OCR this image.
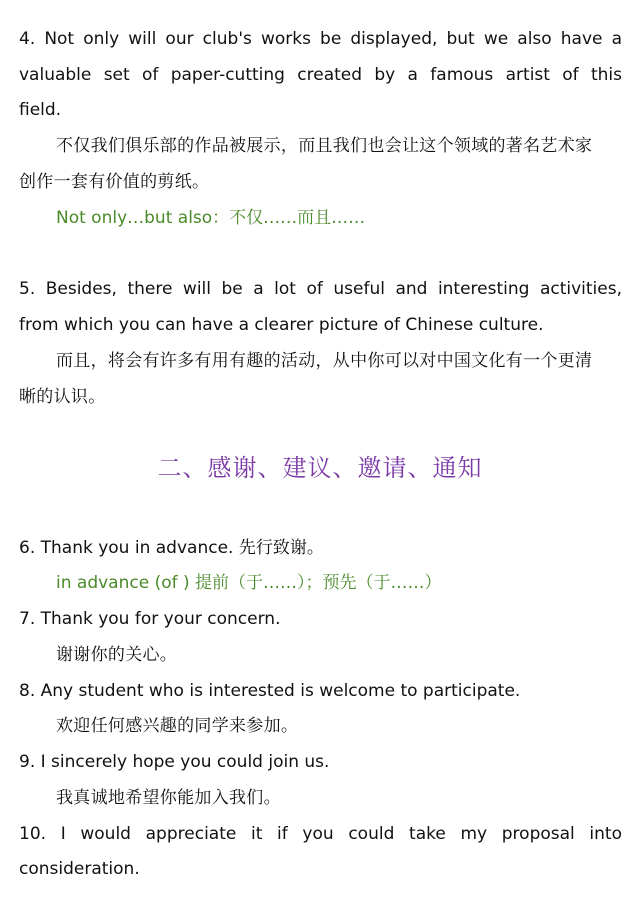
4. Not only will our club's works be displayed, but we also have a
valuable set of paper-cutting created by a famous artist of this
field.
不仅我们俱乐部的作品被展示，而且我们也会让这个领域的著名艺术家
创作一套有价值的剪纸。
Not only…but also：不仅……而且……
5. Besides, there will be a lot of useful and interesting activities,
from which you can have a clearer picture of Chinese culture.
而且，将会有许多有用有趣的活动，从中你可以对中国文化有一个更清
晰的认识。
二、感谢、建议、邀请、通知
6. Thank you in advance. 先行致谢。
in advance (of ) 提前（于……）；预先（于……）
7. Thank you for your concern.
谢谢你的关心。
8. Any student who is interested is welcome to participate.
欢迎任何感兴趣的同学来参加。
9. I sincerely hope you could join us.
我真诚地希望你能加入我们。
10. I would appreciate it if you could take my proposal into
consideration.
